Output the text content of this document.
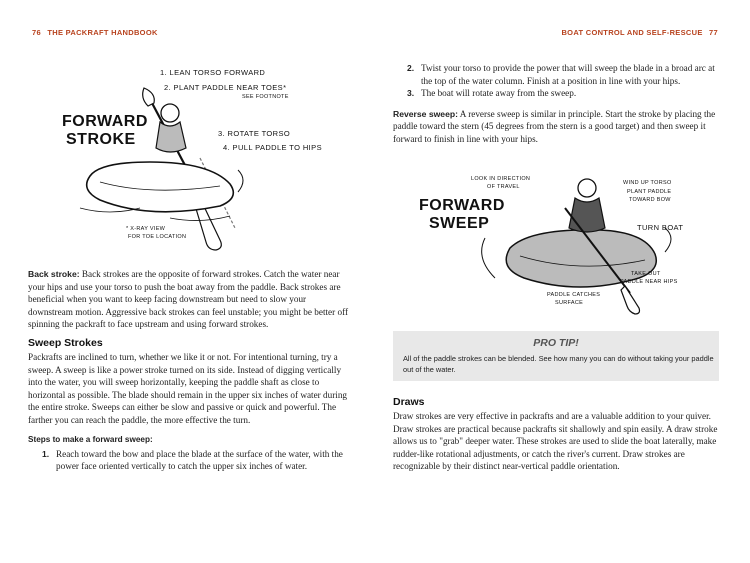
76 THE PACKRAFT HANDBOOK
FORWARD
STROKE
1. LEAN TORSO FORWARD
2. PLANT PADDLE NEAR TOES*
SEE FOOTNOTE
3. ROTATE TORSO
4. PULL PADDLE TO HIPS
* X-RAY VIEW
FOR TOE LOCATION

Back stroke: Back strokes are the opposite of forward strokes. Catch the water near your hips and use your torso to push the boat away from the paddle. Back strokes are beneficial when you want to keep facing downstream but need to slow your downstream motion. Aggressive back strokes can feel unstable; you might be better off spinning the packraft to face upstream and using forward strokes.

Sweep Strokes

Packrafts are inclined to turn, whether we like it or not. For intentional turning, try a sweep. A sweep is like a power stroke turned on its side. Instead of digging vertically into the water, you will sweep horizontally, keeping the paddle shaft as close to horizontal as possible. The blade should remain in the upper six inches of water during the entire stroke. Sweeps can either be slow and passive or quick and powerful. The farther you can reach the paddle, the more effective the turn.

Steps to make a forward sweep:

1. Reach toward the bow and place the blade at the surface of the water, with the power face oriented vertically to catch the upper six inches of water.
BOAT CONTROL AND SELF-RESCUE 77
2. Twist your torso to provide the power that will sweep the blade in a broad arc at the top of the water column. Finish at a position in line with your hips.
3. The boat will rotate away from the sweep.

Reverse sweep: A reverse sweep is similar in principle. Start the stroke by placing the paddle toward the stern (45 degrees from the stern is a good target) and then sweep it forward to finish in line with your hips.

FORWARD
SWEEP
LOOK IN DIRECTION
OF TRAVEL
WIND UP TORSO
PLANT PADDLE
TOWARD BOW
TURN BOAT
TAKE OUT
PADDLE NEAR HIPS
PADDLE CATCHES
SURFACE
PRO TIP!

All of the paddle strokes can be blended. See how many you can do without taking your paddle out of the water.

Draws

Draw strokes are very effective in packrafts and are a valuable addition to your quiver. Draw strokes are practical because packrafts sit shallowly and spin easily. A draw stroke allows us to "grab" deeper water. These strokes are used to slide the boat laterally, make rudder-like rotational adjustments, or catch the river's current. Draw strokes are recognizable by their distinct near-vertical paddle orientation.
